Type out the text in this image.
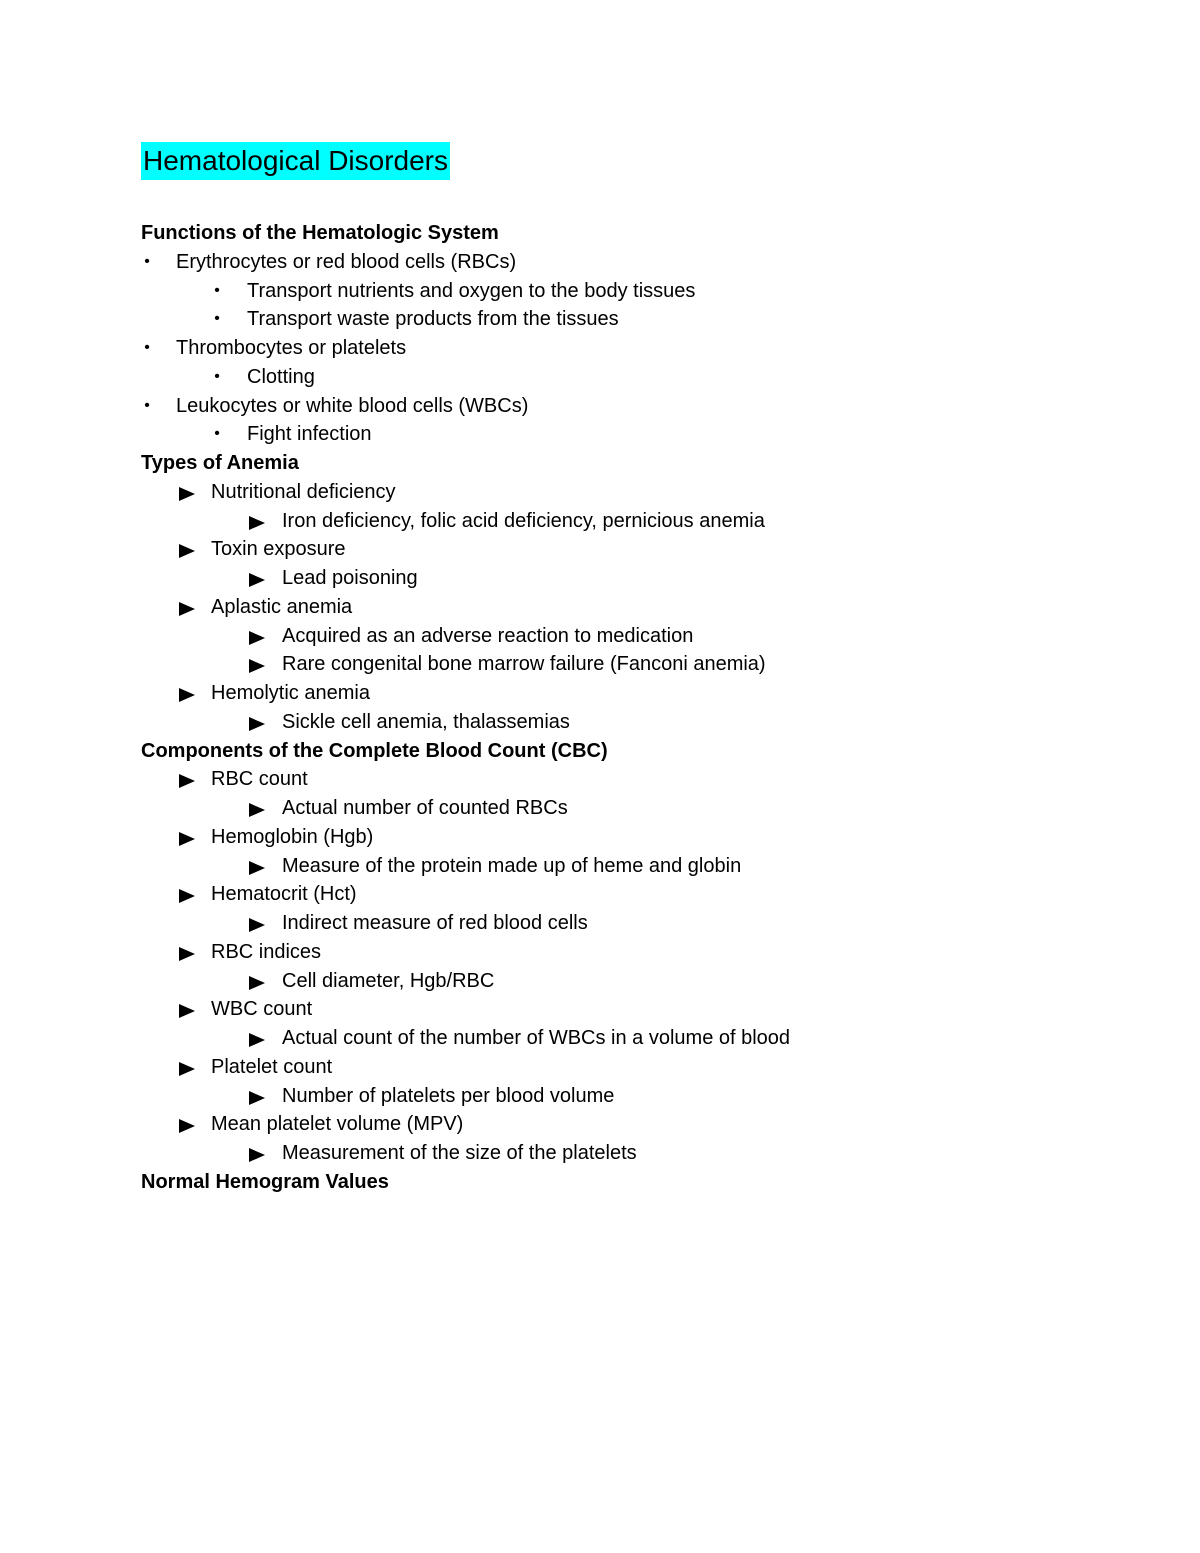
Hematological Disorders
Functions of the Hematologic System
• Erythrocytes or red blood cells (RBCs)
• Transport nutrients and oxygen to the body tissues
• Transport waste products from the tissues
• Thrombocytes or platelets
• Clotting
• Leukocytes or white blood cells (WBCs)
• Fight infection
Types of Anemia
Nutritional deficiency
Iron deficiency, folic acid deficiency, pernicious anemia
Toxin exposure
Lead poisoning
Aplastic anemia
Acquired as an adverse reaction to medication
Rare congenital bone marrow failure (Fanconi anemia)
Hemolytic anemia
Sickle cell anemia, thalassemias
Components of the Complete Blood Count (CBC)
RBC count
Actual number of counted RBCs
Hemoglobin (Hgb)
Measure of the protein made up of heme and globin
Hematocrit (Hct)
Indirect measure of red blood cells
RBC indices
Cell diameter, Hgb/RBC
WBC count
Actual count of the number of WBCs in a volume of blood
Platelet count
Number of platelets per blood volume
Mean platelet volume (MPV)
Measurement of the size of the platelets
Normal Hemogram Values
